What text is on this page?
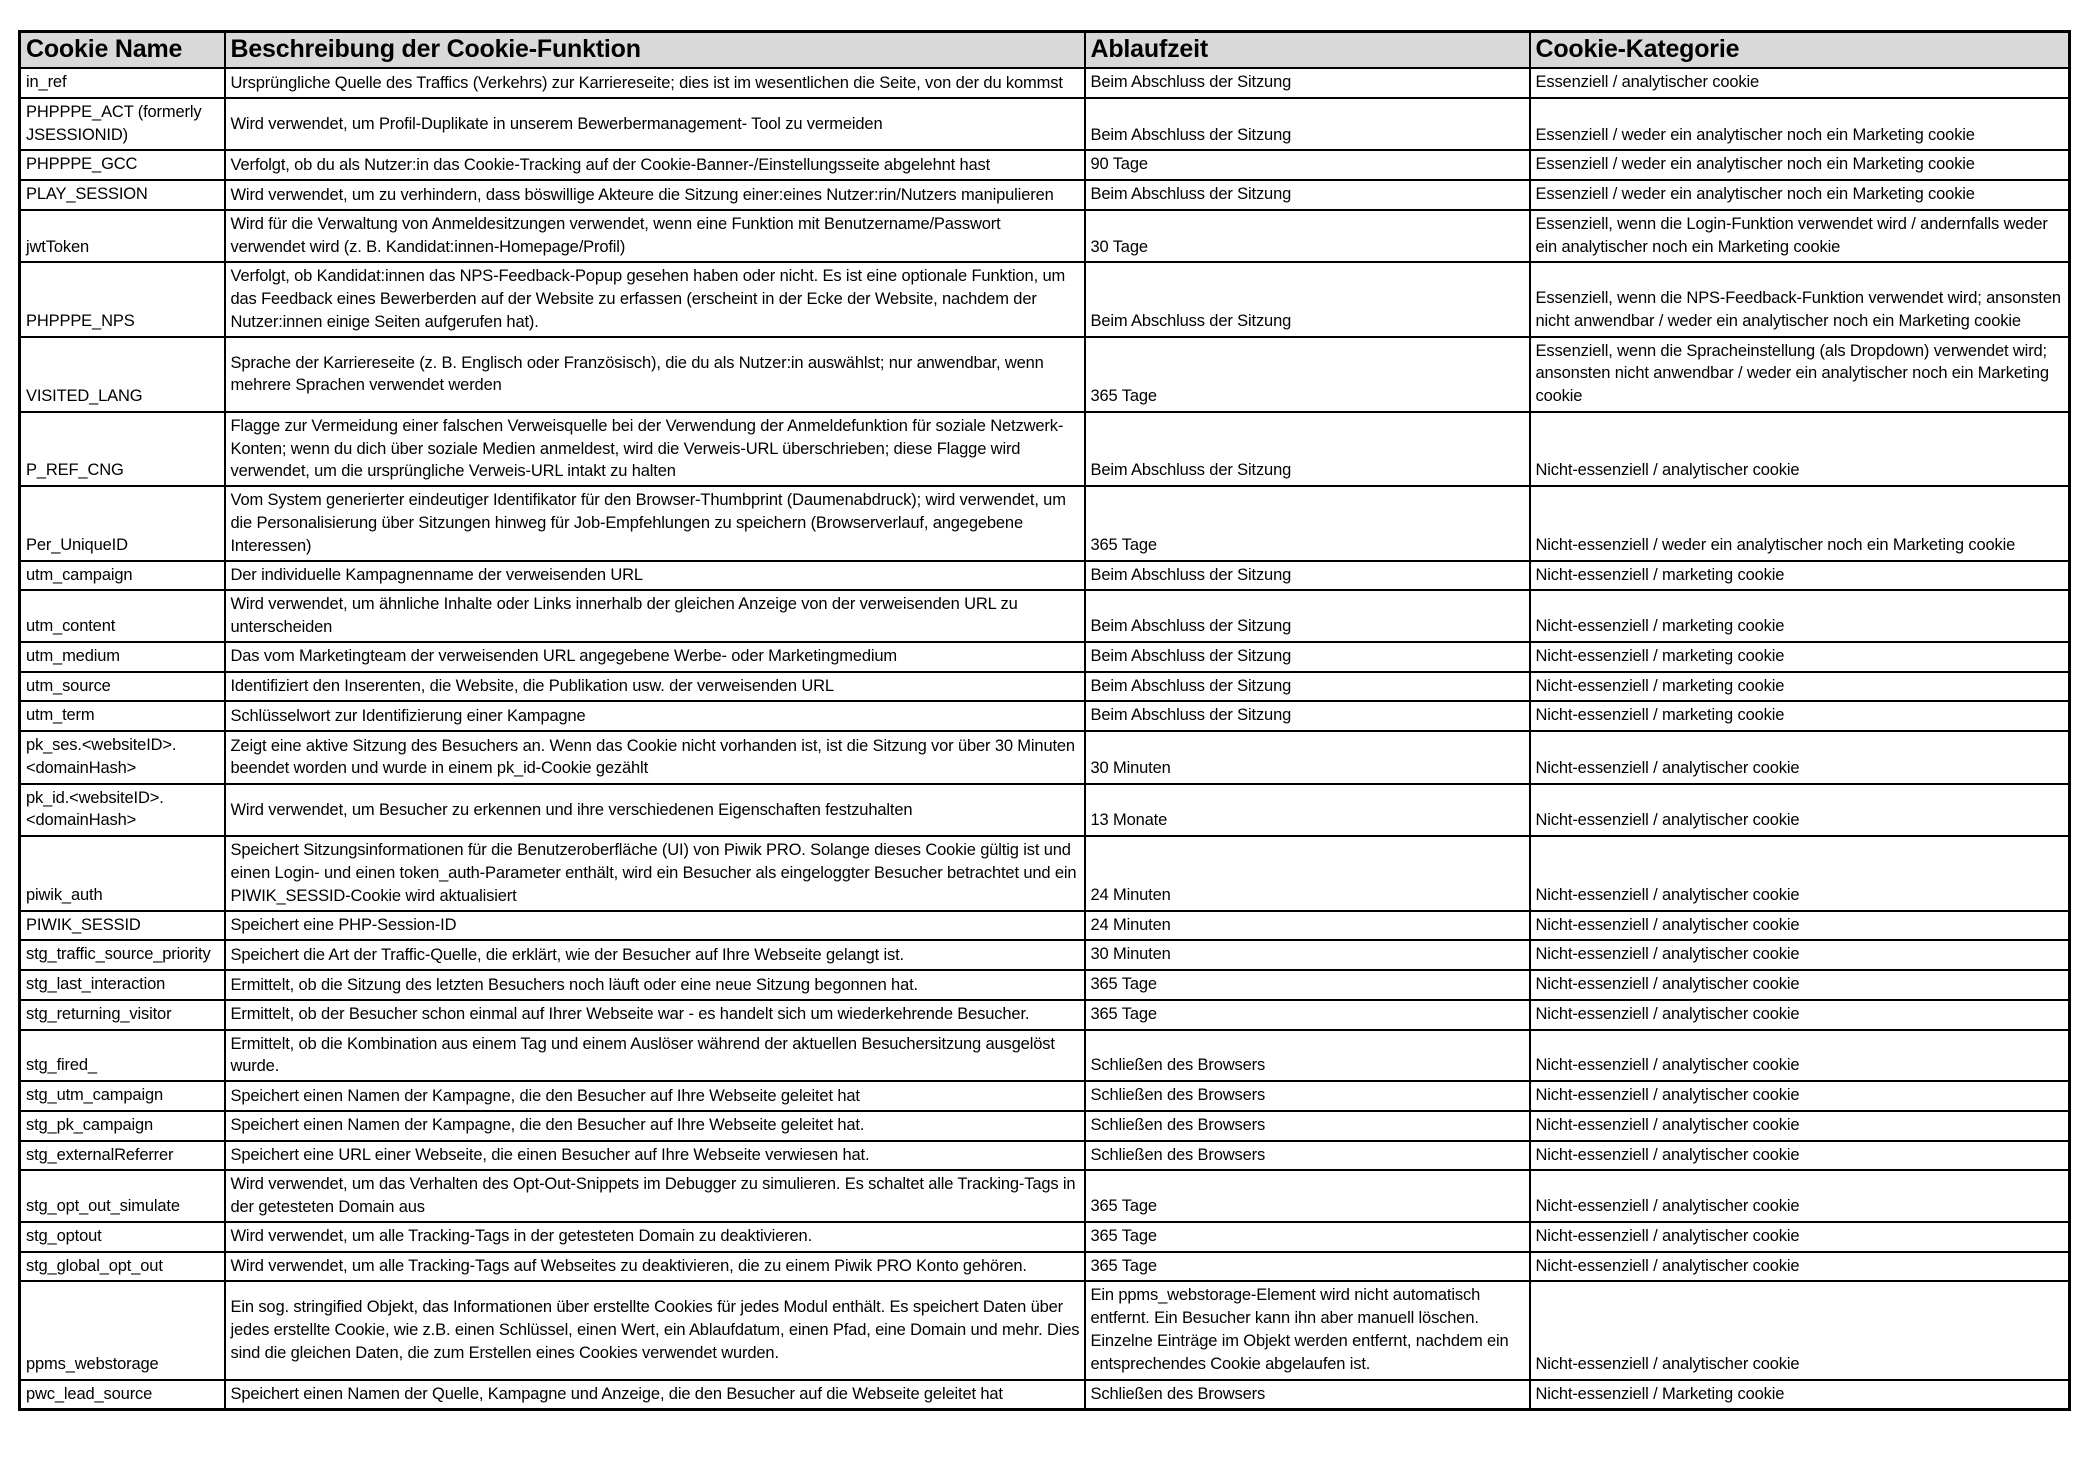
Cookie Name	Beschreibung der Cookie-Funktion	Ablaufzeit	Cookie-Kategorie
in_ref	Ursprüngliche Quelle des Traffics (Verkehrs) zur Karriereseite; dies ist im wesentlichen die Seite, von der du kommst	Beim Abschluss der Sitzung	Essenziell / analytischer cookie
PHPPPE_ACT (formerly JSESSIONID)	Wird verwendet, um Profil-Duplikate in unserem Bewerbermanagement- Tool zu vermeiden	Beim Abschluss der Sitzung	Essenziell / weder ein analytischer noch ein Marketing cookie
PHPPPE_GCC	Verfolgt, ob du als Nutzer:in das Cookie-Tracking auf der Cookie-Banner-/Einstellungsseite abgelehnt hast	90 Tage	Essenziell / weder ein analytischer noch ein Marketing cookie
PLAY_SESSION	Wird verwendet, um zu verhindern, dass böswillige Akteure die Sitzung einer:eines Nutzer:rin/Nutzers manipulieren	Beim Abschluss der Sitzung	Essenziell / weder ein analytischer noch ein Marketing cookie
jwtToken	Wird für die Verwaltung von Anmeldesitzungen verwendet, wenn eine Funktion mit Benutzername/Passwort verwendet wird (z. B. Kandidat:innen-Homepage/Profil)	30 Tage	Essenziell, wenn die Login-Funktion verwendet wird / andernfalls weder ein analytischer noch ein Marketing cookie
PHPPPE_NPS	Verfolgt, ob Kandidat:innen das NPS-Feedback-Popup gesehen haben oder nicht. Es ist eine optionale Funktion, um das Feedback eines Bewerberden auf der Website zu erfassen (erscheint in der Ecke der Website, nachdem der Nutzer:innen einige Seiten aufgerufen hat).	Beim Abschluss der Sitzung	Essenziell, wenn die NPS-Feedback-Funktion verwendet wird; ansonsten nicht anwendbar / weder ein analytischer noch ein Marketing cookie
VISITED_LANG	Sprache der Karriereseite (z. B. Englisch oder Französisch), die du als Nutzer:in auswählst; nur anwendbar, wenn mehrere Sprachen verwendet werden	365 Tage	Essenziell, wenn die Spracheinstellung (als Dropdown) verwendet wird; ansonsten nicht anwendbar / weder ein analytischer noch ein Marketing cookie
P_REF_CNG	Flagge zur Vermeidung einer falschen Verweisquelle bei der Verwendung der Anmeldefunktion für soziale Netzwerk-Konten; wenn du dich über soziale Medien anmeldest, wird die Verweis-URL überschrieben; diese Flagge wird verwendet, um die ursprüngliche Verweis-URL intakt zu halten	Beim Abschluss der Sitzung	Nicht-essenziell / analytischer cookie
Per_UniqueID	Vom System generierter eindeutiger Identifikator für den Browser-Thumbprint (Daumenabdruck); wird verwendet, um die Personalisierung über Sitzungen hinweg für Job-Empfehlungen zu speichern (Browserverlauf, angegebene Interessen)	365 Tage	Nicht-essenziell / weder ein analytischer noch ein Marketing cookie
utm_campaign	Der individuelle Kampagnenname der verweisenden URL	Beim Abschluss der Sitzung	Nicht-essenziell / marketing cookie
utm_content	Wird verwendet, um ähnliche Inhalte oder Links innerhalb der gleichen Anzeige von der verweisenden URL zu unterscheiden	Beim Abschluss der Sitzung	Nicht-essenziell / marketing cookie
utm_medium	Das vom Marketingteam der verweisenden URL angegebene Werbe- oder Marketingmedium	Beim Abschluss der Sitzung	Nicht-essenziell / marketing cookie
utm_source	Identifiziert den Inserenten, die Website, die Publikation usw. der verweisenden URL	Beim Abschluss der Sitzung	Nicht-essenziell / marketing cookie
utm_term	Schlüsselwort zur Identifizierung einer Kampagne	Beim Abschluss der Sitzung	Nicht-essenziell / marketing cookie
pk_ses.<websiteID>.<domainHash>	Zeigt eine aktive Sitzung des Besuchers an. Wenn das Cookie nicht vorhanden ist, ist die Sitzung vor über 30 Minuten beendet worden und wurde in einem pk_id-Cookie gezählt	30 Minuten	Nicht-essenziell / analytischer cookie
pk_id.<websiteID>.<domainHash>	Wird verwendet, um Besucher zu erkennen und ihre verschiedenen Eigenschaften festzuhalten	13 Monate	Nicht-essenziell / analytischer cookie
piwik_auth	Speichert Sitzungsinformationen für die Benutzeroberfläche (UI) von Piwik PRO. Solange dieses Cookie gültig ist und einen Login- und einen token_auth-Parameter enthält, wird ein Besucher als eingeloggter Besucher betrachtet und ein PIWIK_SESSID-Cookie wird aktualisiert	24 Minuten	Nicht-essenziell / analytischer cookie
PIWIK_SESSID	Speichert eine PHP-Session-ID	24 Minuten	Nicht-essenziell / analytischer cookie
stg_traffic_source_priority	Speichert die Art der Traffic-Quelle, die erklärt, wie der Besucher auf Ihre Webseite gelangt ist.	30 Minuten	Nicht-essenziell / analytischer cookie
stg_last_interaction	Ermittelt, ob die Sitzung des letzten Besuchers noch läuft oder eine neue Sitzung begonnen hat.	365 Tage	Nicht-essenziell / analytischer cookie
stg_returning_visitor	Ermittelt, ob der Besucher schon einmal auf Ihrer Webseite war - es handelt sich um wiederkehrende Besucher.	365 Tage	Nicht-essenziell / analytischer cookie
stg_fired_	Ermittelt, ob die Kombination aus einem Tag und einem Auslöser während der aktuellen Besuchersitzung ausgelöst wurde.	Schließen des Browsers	Nicht-essenziell / analytischer cookie
stg_utm_campaign	Speichert einen Namen der Kampagne, die den Besucher auf Ihre Webseite geleitet hat	Schließen des Browsers	Nicht-essenziell / analytischer cookie
stg_pk_campaign	Speichert einen Namen der Kampagne, die den Besucher auf Ihre Webseite geleitet hat.	Schließen des Browsers	Nicht-essenziell / analytischer cookie
stg_externalReferrer	Speichert eine URL einer Webseite, die einen Besucher auf Ihre Webseite verwiesen hat.	Schließen des Browsers	Nicht-essenziell / analytischer cookie
stg_opt_out_simulate	Wird verwendet, um das Verhalten des Opt-Out-Snippets im Debugger zu simulieren. Es schaltet alle Tracking-Tags in der getesteten Domain aus	365 Tage	Nicht-essenziell / analytischer cookie
stg_optout	Wird verwendet, um alle Tracking-Tags in der getesteten Domain zu deaktivieren.	365 Tage	Nicht-essenziell / analytischer cookie
stg_global_opt_out	Wird verwendet, um alle Tracking-Tags auf Webseites zu deaktivieren, die zu einem Piwik PRO Konto gehören.	365 Tage	Nicht-essenziell / analytischer cookie
ppms_webstorage	Ein sog. stringified Objekt, das Informationen über erstellte Cookies für jedes Modul enthält. Es speichert Daten über jedes erstellte Cookie, wie z.B. einen Schlüssel, einen Wert, ein Ablaufdatum, einen Pfad, eine Domain und mehr. Dies sind die gleichen Daten, die zum Erstellen eines Cookies verwendet wurden.	Ein ppms_webstorage-Element wird nicht automatisch entfernt. Ein Besucher kann ihn aber manuell löschen. Einzelne Einträge im Objekt werden entfernt, nachdem ein entsprechendes Cookie abgelaufen ist.	Nicht-essenziell / analytischer cookie
pwc_lead_source	Speichert einen Namen der Quelle, Kampagne und Anzeige, die den Besucher auf die Webseite geleitet hat	Schließen des Browsers	Nicht-essenziell / Marketing cookie
